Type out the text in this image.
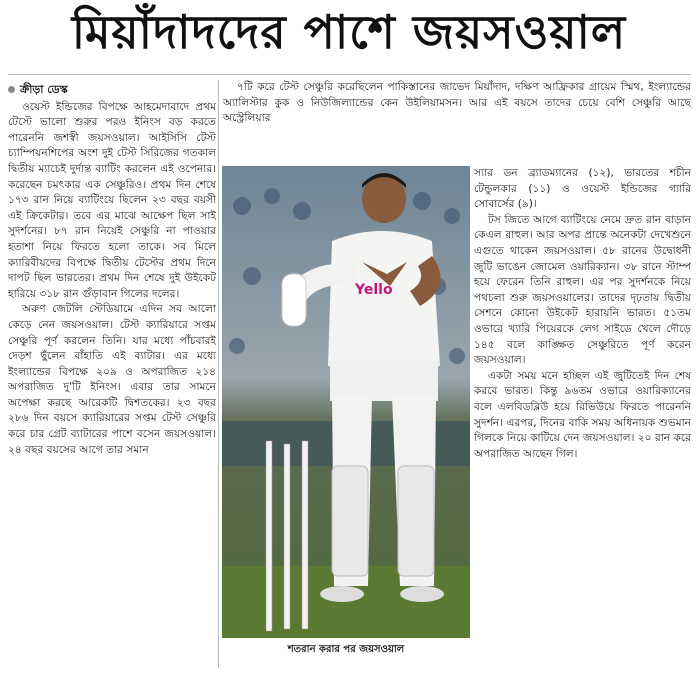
মিয়াঁদাদদের পাশে জয়সওয়াল
ক্রীড়া ডেস্ক

ওয়েস্ট ইন্ডিজের বিপক্ষে আহমেদাবাদে প্রথম টেস্টে ভালো শুরুর পরও ইনিংস বড় করতে পারেননি জশস্বী জয়সওয়াল। আইসিসি টেস্ট চ্যাম্পিয়নশিপের অংশ দুই টেস্ট সিরিজের গতকাল দ্বিতীয় ম্যাচেই দুর্দান্ত ব্যাটিং করলেন এই ওপেনার। করেছেন চমৎকার এক সেঞ্চুরিও। প্রথম দিন শেষে ১৭৩ রান নিয়ে ব্যাটিংয়ে ছিলেন ২৩ বছর বয়সী এই ক্রিকেটার। তবে এর মাঝে আক্ষেপ ছিল সাই সুদর্শনের। ৮৭ রান নিয়েই সেঞ্চুরি না পাওয়ার হতাশা নিয়ে ফিরতে হলো তাকে। সব মিলে ক্যারিবীয়দের বিপক্ষে দ্বিতীয় টেস্টের প্রথম দিনে দাপট ছিল ভারতের। প্রথম দিন শেষে দুই উইকেট হারিয়ে ৩১৮ রান গুঁড়াবান গিলের দলের।

অরুণ জেটলি স্টেডিয়ামে এদিন সব আলো কেড়ে নেন জয়সওয়াল। টেস্ট ক্যারিয়ারে সপ্তম সেঞ্চুরি পূর্ণ করলেন তিনি। যার মধ্যে পাঁচবারই দেড়শ ছুঁলেন বাঁহাতি এই ব্যাটার। এর মধ্যে ইংল্যান্ডের বিপক্ষে ২০৯ ও অপরাজিত ২১৪ অপরাজিত দু'টি ইনিংস। এবার তার সামনে অপেক্ষা করছে আরেকটি দ্বিশতকের। ২৩ বছর ২৮৬ দিন বয়সে ক্যারিয়ারের সপ্তম টেস্ট সেঞ্চুরি করে চার গ্রেট ব্যাটারের পাশে বসেন জয়সওয়াল। ২৪ বছর বয়সের আগে তার সমান

৭টি করে টেস্ট সেঞ্চুরি করেছিলেন পাকিস্তানের জাভেদ মিয়াঁদাদ, দক্ষিণ আফ্রিকার গ্রায়েম স্মিথ, ইংল্যান্ডের অ্যালিস্টার কুক ও নিউজিল্যান্ডের কেন উইলিয়ামসন। আর এই বয়সে তাদের চেয়ে বেশি সেঞ্চুরি আছে অস্ট্রেলিয়ার

Yello
শতরান করার পর জয়সওয়াল

স্যার ডন ব্র্যাডম্যানের (১২), ভারতের শচীন টেন্ডুলকার (১১) ও ওয়েস্ট ইন্ডিজের গ্যারি সোবার্সের (৯)।

টস জিতে আগে ব্যাটিংয়ে নেমে দ্রুত রান বাড়ান কেএল রাহুল। আর অপর প্রান্তে অনেকটা দেখেশুনে এগুতে থাকেন জয়সওয়াল। ৫৮ রানের উদ্বোধনী জুটি ভাঙেন জোমেল ওয়ারিক্যান। ৩৮ রানে স্টাম্প হয়ে ফেরেন তিনি রাহুল। এর পর সুদর্শনকে নিয়ে পথচলা শুরু জয়সওয়ালের। তাদের দৃঢ়তায় দ্বিতীয় সেশনে কোনো উইকেট হারায়নি ভারত। ৫১তম ওভারে খ্যারি পিয়েরকে লেগ সাইডে খেলে দৌড়ে ১৪৫ বলে কাঙ্ক্ষিত সেঞ্চুরিতে পূর্ণ করেন জয়সওয়াল।

একটা সময় মনে হচ্ছিল এই জুটিতেই দিন শেষ করবে ভারত। কিন্তু ৯৬তম ওভারে ওয়ারিক্যানের বলে এলবিডব্লিউ হয়ে রিভিউয়ে ফিরতে পারেননি সুদর্শন। এরপর, দিনের বাকি সময় অধিনায়ক শুভমান গিলকে নিয়ে কাটিয়ে দেন জয়সওয়াল। ২০ রান করে অপরাজিত আছেন গিল।
